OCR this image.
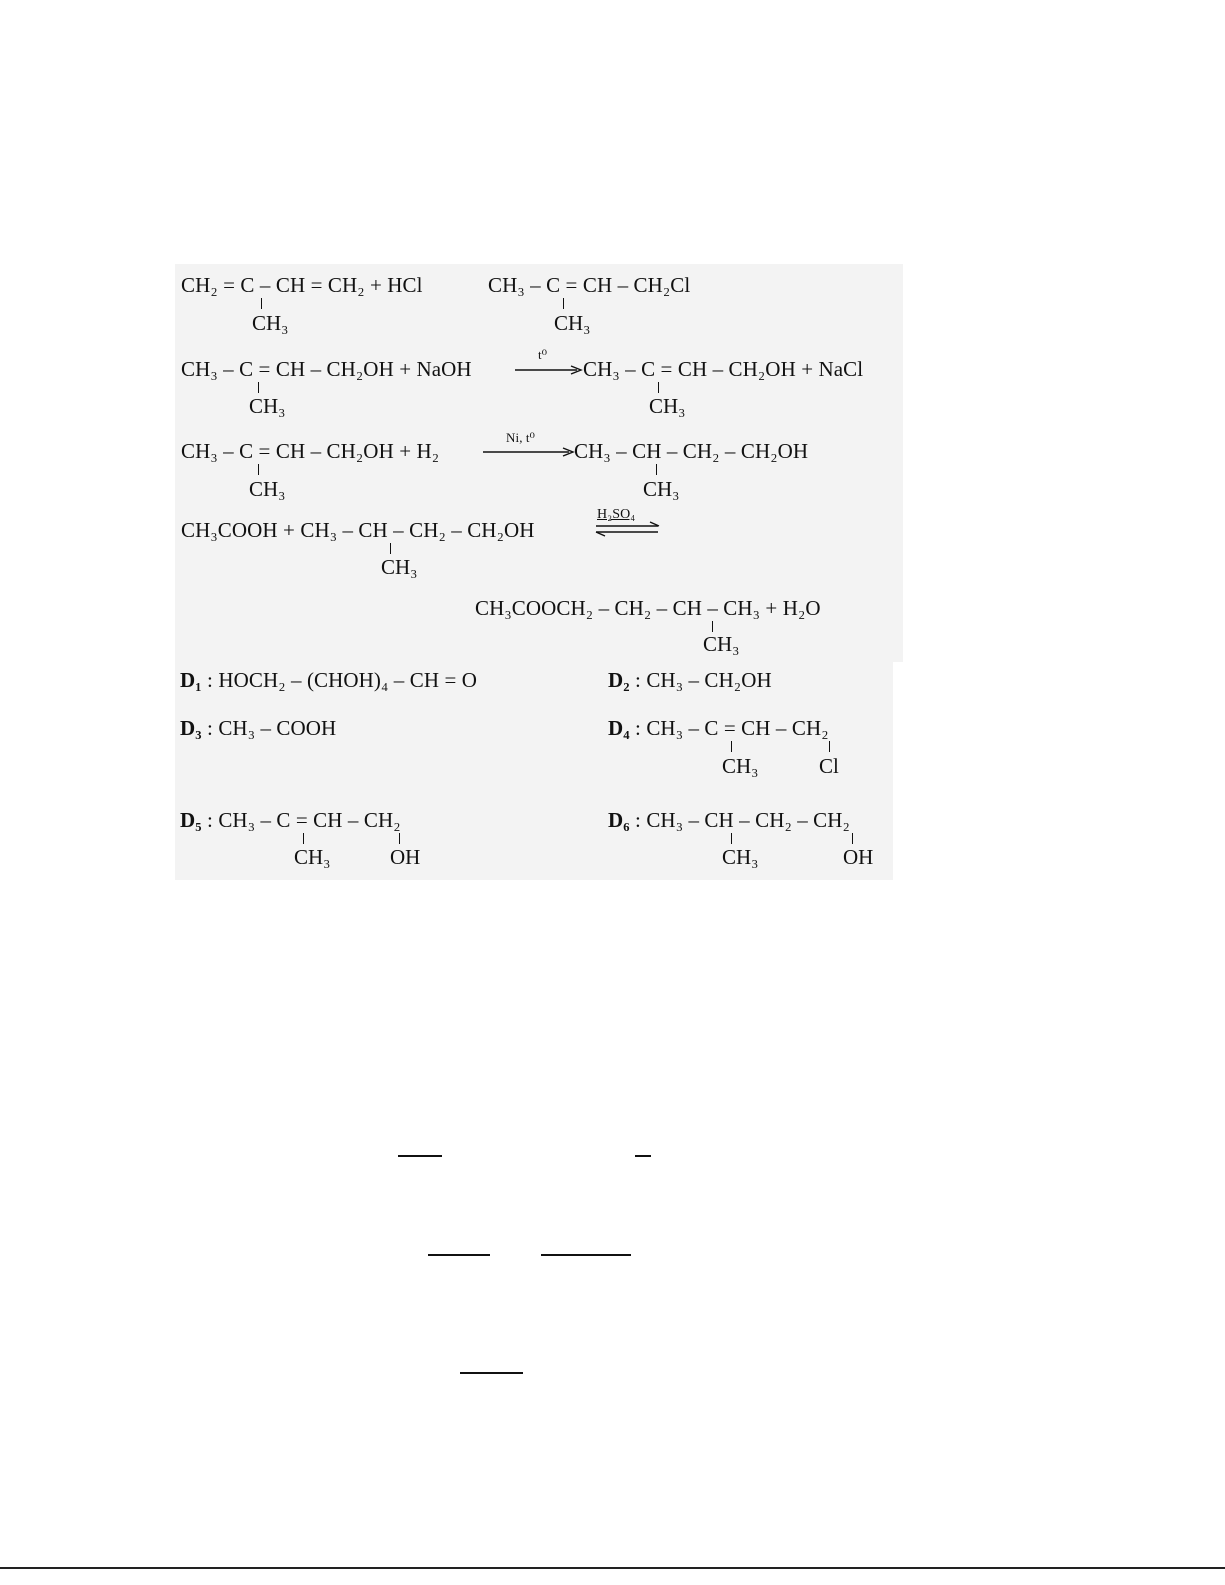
CH₂ = C – CH = CH₂ + HCl	CH₃ – C = CH – CH₂Cl
CH₃	CH₃
CH₃ – C = CH – CH₂OH + NaOH
t⁰
CH₃ – C = CH – CH₂OH + NaCl
CH₃	CH₃
CH₃ – C = CH – CH₂OH + H₂
Ni, t⁰
CH₃ – CH – CH₂ – CH₂OH
CH₃	CH₃
CH₃COOH + CH₃ – CH – CH₂ – CH₂OH
H₂SO₄
CH₃
CH₃COOCH₂ – CH₂ – CH – CH₃ + H₂O
CH₃
D₁ : HOCH₂ – (CHOH)₄ – CH = O	D₂ : CH₃ – CH₂OH
D₃ : CH₃ – COOH	D₄ : CH₃ – C = CH – CH₂
CH₃	Cl
D₅ : CH₃ – C = CH – CH₂
CH₃	OH
D₆ : CH₃ – CH – CH₂ – CH₂
CH₃	OH
